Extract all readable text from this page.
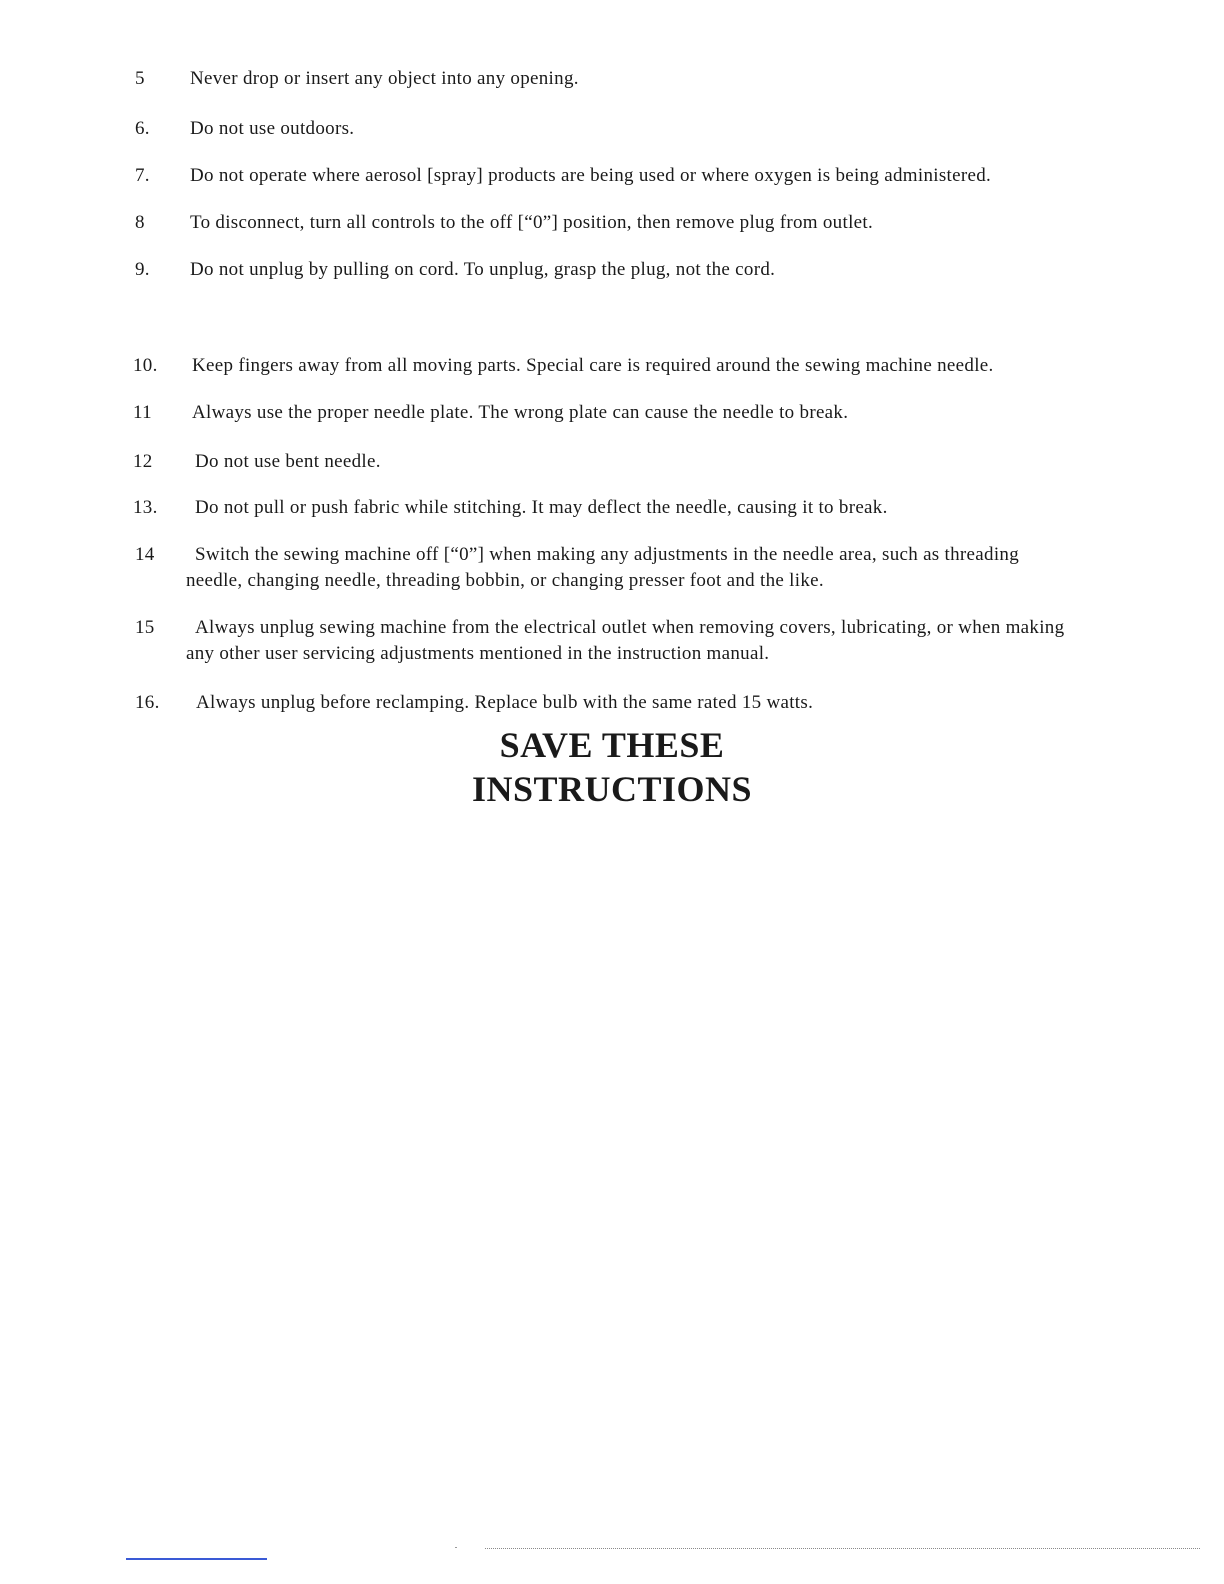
5 Never drop or insert any object into any opening.
6. Do not use outdoors.
7. Do not operate where aerosol [spray] products are being used or where oxygen is being administered.
8 To disconnect, turn all controls to the off [“0”] position, then remove plug from outlet.
9. Do not unplug by pulling on cord. To unplug, grasp the plug, not the cord.
10. Keep fingers away from all moving parts. Special care is required around the sewing machine needle.
11 Always use the proper needle plate. The wrong plate can cause the needle to break.
12 Do not use bent needle.
13. Do not pull or push fabric while stitching. It may deflect the needle, causing it to break.
14 Switch the sewing machine off [“0”] when making any adjustments in the needle area, such as threading
needle, changing needle, threading bobbin, or changing presser foot and the like.
15 Always unplug sewing machine from the electrical outlet when removing covers, lubricating, or when making
any other user servicing adjustments mentioned in the instruction manual.
16. Always unplug before reclamping. Replace bulb with the same rated 15 watts.
SAVE THESE
INSTRUCTIONS
